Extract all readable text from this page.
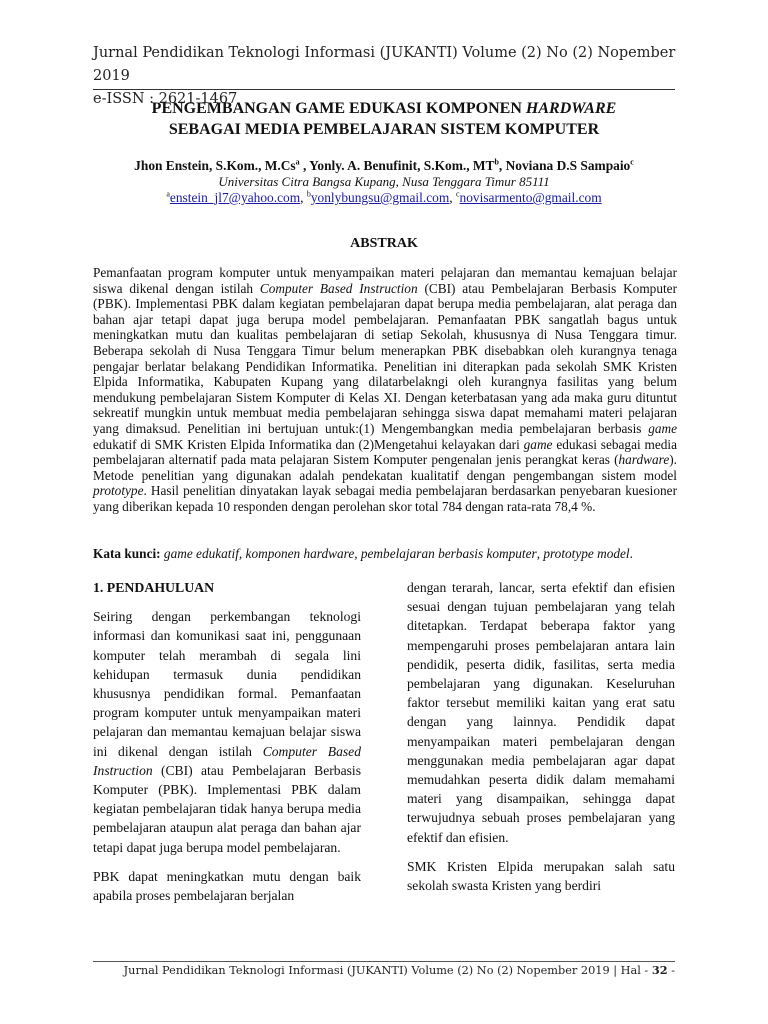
Jurnal Pendidikan Teknologi Informasi (JUKANTI) Volume (2) No (2) Nopember 2019
e-ISSN : 2621-1467
PENGEMBANGAN GAME EDUKASI KOMPONEN HARDWARE
SEBAGAI MEDIA PEMBELAJARAN SISTEM KOMPUTER
Jhon Enstein, S.Kom., M.Cs$^a$ , Yonly. A. Benufinit, S.Kom., $MT^b$, Noviana D.S Sampaio$^c$
Universitas Citra Bangsa Kupang, Nusa Tenggara Timur 85111
$^a$enstein_jl7@yahoo.com, $^b$yonlybungsu@gmail.com, $^c$novisarmento@gmail.com
ABSTRAK
Pemanfaatan program komputer untuk menyampaikan materi pelajaran dan memantau kemajuan belajar siswa dikenal dengan istilah Computer Based Instruction (CBI) atau Pembelajaran Berbasis Komputer (PBK). Implementasi PBK dalam kegiatan pembelajaran dapat berupa media pembelajaran, alat peraga dan bahan ajar tetapi dapat juga berupa model pembelajaran. Pemanfaatan PBK sangatlah bagus untuk meningkatkan mutu dan kualitas pembelajaran di setiap Sekolah, khususnya di Nusa Tenggara timur. Beberapa sekolah di Nusa Tenggara Timur belum menerapkan PBK disebabkan oleh kurangnya tenaga pengajar berlatar belakang Pendidikan Informatika. Penelitian ini diterapkan pada sekolah SMK Kristen Elpida Informatika, Kabupaten Kupang yang dilatarbelakngi oleh kurangnya fasilitas yang belum mendukung pembelajaran Sistem Komputer di Kelas XI. Dengan keterbatasan yang ada maka guru dituntut sekreatif mungkin untuk membuat media pembelajaran sehingga siswa dapat memahami materi pelajaran yang dimaksud. Penelitian ini bertujuan untuk:(1) Mengembangkan media pembelajaran berbasis game edukatif di SMK Kristen Elpida Informatika dan (2)Mengetahui kelayakan dari game edukasi sebagai media pembelajaran alternatif pada mata pelajaran Sistem Komputer pengenalan jenis perangkat keras (hardware). Metode penelitian yang digunakan adalah pendekatan kualitatif dengan pengembangan sistem model prototype. Hasil penelitian dinyatakan layak sebagai media pembelajaran berdasarkan penyebaran kuesioner yang diberikan kepada 10 responden dengan perolehan skor total 784 dengan rata-rata 78,4 %.
Kata kunci: game edukatif, komponen hardware, pembelajaran berbasis komputer, prototype model.

1. PENDAHULUAN

Seiring dengan perkembangan teknologi informasi dan komunikasi saat ini, penggunaan komputer telah merambah di segala lini kehidupan termasuk dunia pendidikan khususnya pendidikan formal. Pemanfaatan program komputer untuk menyampaikan materi pelajaran dan memantau kemajuan belajar siswa ini dikenal dengan istilah Computer Based Instruction (CBI) atau Pembelajaran Berbasis Komputer (PBK). Implementasi PBK dalam kegiatan pembelajaran tidak hanya berupa media pembelajaran ataupun alat peraga dan bahan ajar tetapi dapat juga berupa model pembelajaran.

PBK dapat meningkatkan mutu dengan baik apabila proses pembelajaran berjalan

dengan terarah, lancar, serta efektif dan efisien sesuai dengan tujuan pembelajaran yang telah ditetapkan. Terdapat beberapa faktor yang mempengaruhi proses pembelajaran antara lain pendidik, peserta didik, fasilitas, serta media pembelajaran yang digunakan. Keseluruhan faktor tersebut memiliki kaitan yang erat satu dengan yang lainnya. Pendidik dapat menyampaikan materi pembelajaran dengan menggunakan media pembelajaran agar dapat memudahkan peserta didik dalam memahami materi yang disampaikan, sehingga dapat terwujudnya sebuah proses pembelajaran yang efektif dan efisien.

SMK Kristen Elpida merupakan salah satu sekolah swasta Kristen yang berdiri

Jurnal Pendidikan Teknologi Informasi (JUKANTI) Volume (2) No (2) Nopember 2019 | Hal - 32 -
